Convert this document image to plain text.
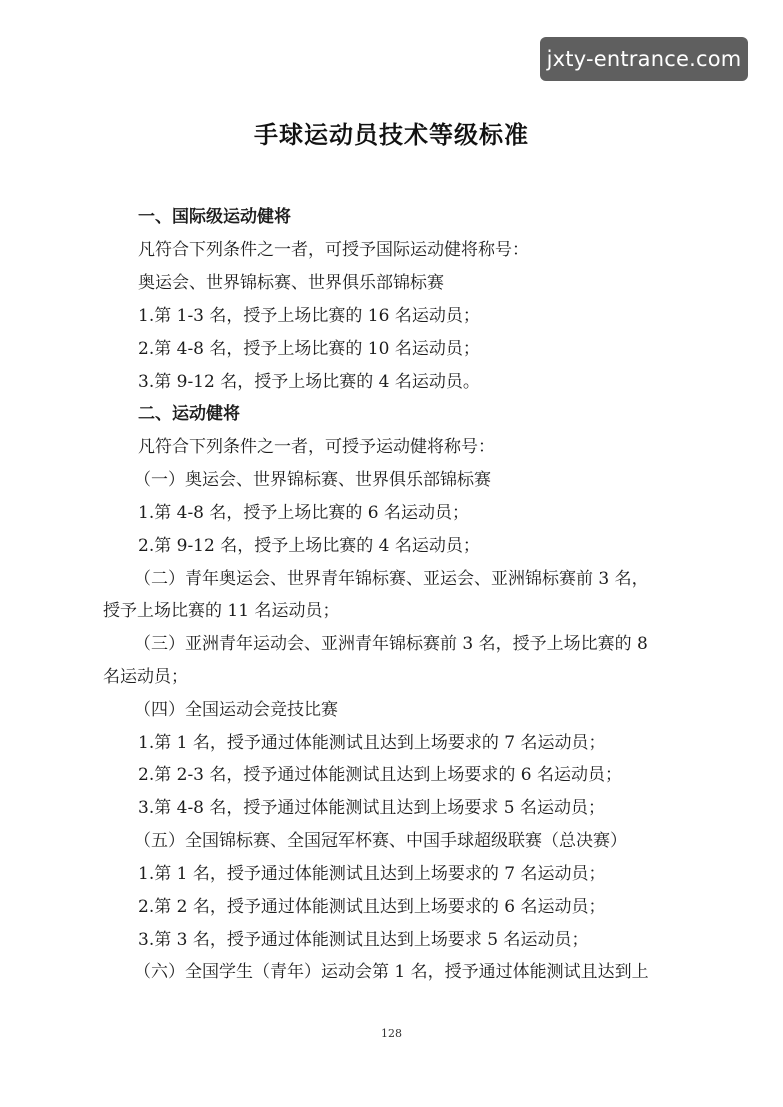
jxty-entrance.com
手球运动员技术等级标准
一、国际级运动健将
凡符合下列条件之一者，可授予国际运动健将称号：
奥运会、世界锦标赛、世界俱乐部锦标赛
1.第 1-3 名，授予上场比赛的 16 名运动员；
2.第 4-8 名，授予上场比赛的 10 名运动员；
3.第 9-12 名，授予上场比赛的 4 名运动员。
二、运动健将
凡符合下列条件之一者，可授予运动健将称号：
（一）奥运会、世界锦标赛、世界俱乐部锦标赛
1.第 4-8 名，授予上场比赛的 6 名运动员；
2.第 9-12 名，授予上场比赛的 4 名运动员；
（二）青年奥运会、世界青年锦标赛、亚运会、亚洲锦标赛前 3 名，
授予上场比赛的 11 名运动员；
（三）亚洲青年运动会、亚洲青年锦标赛前 3 名，授予上场比赛的 8
名运动员；
（四）全国运动会竞技比赛
1.第 1 名，授予通过体能测试且达到上场要求的 7 名运动员；
2.第 2-3 名，授予通过体能测试且达到上场要求的 6 名运动员；
3.第 4-8 名，授予通过体能测试且达到上场要求 5 名运动员；
（五）全国锦标赛、全国冠军杯赛、中国手球超级联赛（总决赛）
1.第 1 名，授予通过体能测试且达到上场要求的 7 名运动员；
2.第 2 名，授予通过体能测试且达到上场要求的 6 名运动员；
3.第 3 名，授予通过体能测试且达到上场要求 5 名运动员；
（六）全国学生（青年）运动会第 1 名，授予通过体能测试且达到上
128
